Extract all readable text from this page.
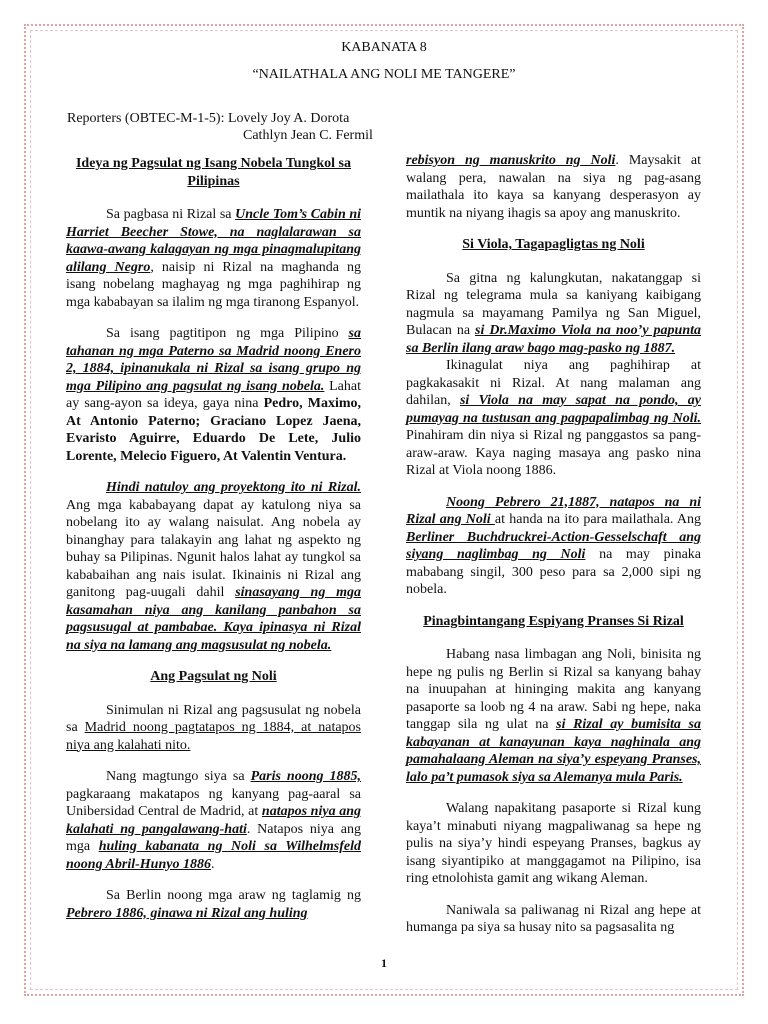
KABANATA 8
“NAILATHALA ANG NOLI ME TANGERE”
Reporters (OBTEC-M-1-5): Lovely Joy A. Dorota
Cathlyn Jean C. Fermil
Ideya ng Pagsulat ng Isang Nobela Tungkol sa Pilipinas

Sa pagbasa ni Rizal sa Uncle Tom’s Cabin ni Harriet Beecher Stowe, na naglalarawan sa kaawa-awang kalagayan ng mga pinagmalupitang alilang Negro, naisip ni Rizal na maghanda ng isang nobelang maghayag ng mga paghihirap ng mga kababayan sa ilalim ng mga tiranong Espanyol.

Sa isang pagtitipon ng mga Pilipino sa tahanan ng mga Paterno sa Madrid noong Enero 2, 1884, ipinanukala ni Rizal sa isang grupo ng mga Pilipino ang pagsulat ng isang nobela. Lahat ay sang-ayon sa ideya, gaya nina Pedro, Maximo, At Antonio Paterno; Graciano Lopez Jaena, Evaristo Aguirre, Eduardo De Lete, Julio Lorente, Melecio Figuero, At Valentin Ventura.

Hindi natuloy ang proyektong ito ni Rizal. Ang mga kababayang dapat ay katulong niya sa nobelang ito ay walang naisulat. Ang nobela ay binanghay para talakayin ang lahat ng aspekto ng buhay sa Pilipinas. Ngunit halos lahat ay tungkol sa kababaihan ang nais isulat. Ikinainis ni Rizal ang ganitong pag-uugali dahil sinasayang ng mga kasamahan niya ang kanilang panbahon sa pagsusugal at pambabae. Kaya ipinasya ni Rizal na siya na lamang ang magsusulat ng nobela.

Ang Pagsulat ng Noli

Sinimulan ni Rizal ang pagsusulat ng nobela sa Madrid noong pagtatapos ng 1884, at natapos niya ang kalahati nito.

Nang magtungo siya sa Paris noong 1885, pagkaraang makatapos ng kanyang pag-aaral sa Unibersidad Central de Madrid, at natapos niya ang kalahati ng pangalawang-hati. Natapos niya ang mga huling kabanata ng Noli sa Wilhelmsfeld noong Abril-Hunyo 1886.

Sa Berlin noong mga araw ng taglamig ng Pebrero 1886, ginawa ni Rizal ang huling

rebisyon ng manuskrito ng Noli. Maysakit at walang pera, nawalan na siya ng pag-asang mailathala ito kaya sa kanyang desperasyon ay muntik na niyang ihagis sa apoy ang manuskrito.

Si Viola, Tagapagligtas ng Noli

Sa gitna ng kalungkutan, nakatanggap si Rizal ng telegrama mula sa kaniyang kaibigang nagmula sa mayamang Pamilya ng San Miguel, Bulacan na si Dr.Maximo Viola na noo’y papunta sa Berlin ilang araw bago mag-pasko ng 1887.

Ikinagulat niya ang paghihirap at pagkakasakit ni Rizal. At nang malaman ang dahilan, si Viola na may sapat na pondo, ay pumayag na tustusan ang pagpapalimbag ng Noli. Pinahiram din niya si Rizal ng panggastos sa pang-araw-araw. Kaya naging masaya ang pasko nina Rizal at Viola noong 1886.

Noong Pebrero 21,1887, natapos na ni Rizal ang Noli at handa na ito para mailathala. Ang Berliner Buchdruckrei-Action-Gesselschaft ang siyang naglimbag ng Noli na may pinaka mababang singil, 300 peso para sa 2,000 sipi ng nobela.

Pinagbintangang Espiyang Pranses Si Rizal

Habang nasa limbagan ang Noli, binisita ng hepe ng pulis ng Berlin si Rizal sa kanyang bahay na inuupahan at hininging makita ang kanyang pasaporte sa loob ng 4 na araw. Sabi ng hepe, naka tanggap sila ng ulat na si Rizal ay bumisita sa kabayanan at kanayunan kaya naghinala ang pamahalaang Aleman na siya’y espeyang Pranses, lalo pa’t pumasok siya sa Alemanya mula Paris.

Walang napakitang pasaporte si Rizal kung kaya’t minabuti niyang magpaliwanag sa hepe ng pulis na siya’y hindi espeyang Pranses, bagkus ay isang siyantipiko at manggagamot na Pilipino, isa ring etnolohista gamit ang wikang Aleman.

Naniwala sa paliwanag ni Rizal ang hepe at humanga pa siya sa husay nito sa pagsasalita ng

1
